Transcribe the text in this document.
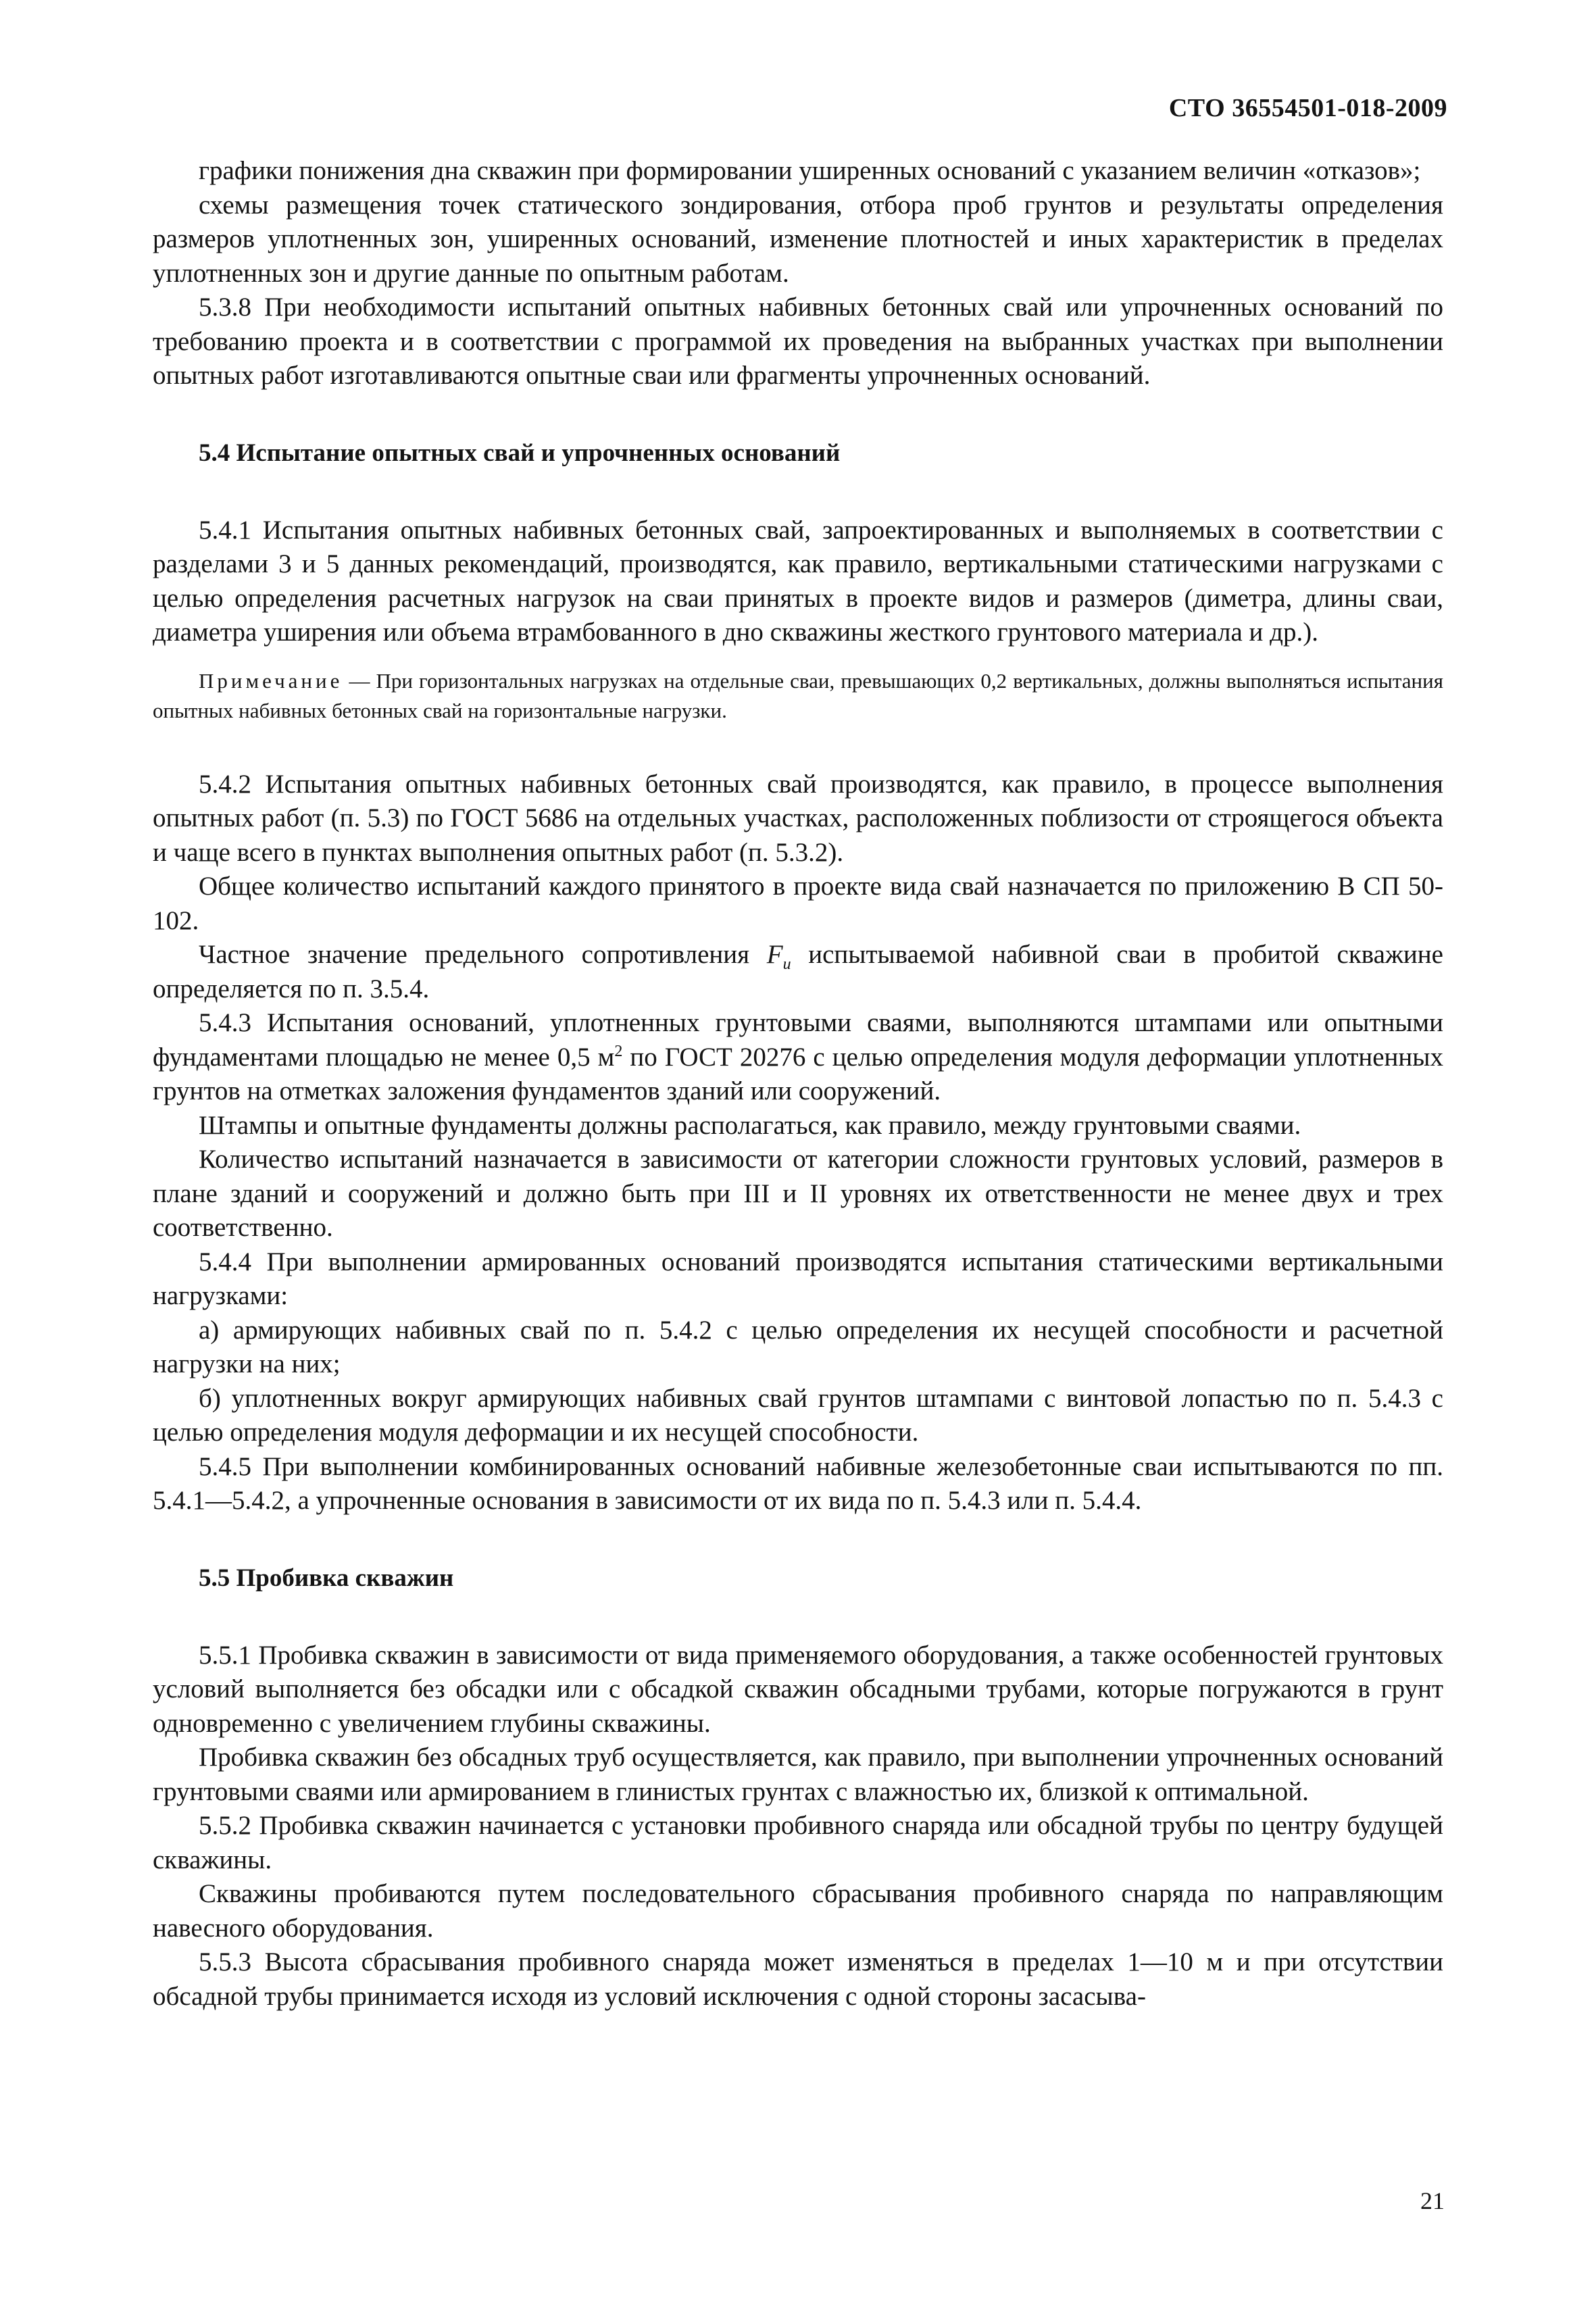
СТО 36554501-018-2009

графики понижения дна скважин при формировании уширенных оснований с указанием величин «отказов»;

схемы размещения точек статического зондирования, отбора проб грунтов и результаты определения размеров уплотненных зон, уширенных оснований, изменение плотностей и иных характеристик в пределах уплотненных зон и другие данные по опытным работам.

5.3.8 При необходимости испытаний опытных набивных бетонных свай или упрочненных оснований по требованию проекта и в соответствии с программой их проведения на выбранных участках при выполнении опытных работ изготавливаются опытные сваи или фрагменты упрочненных оснований.

5.4 Испытание опытных свай и упрочненных оснований

5.4.1 Испытания опытных набивных бетонных свай, запроектированных и выполняемых в соответствии с разделами 3 и 5 данных рекомендаций, производятся, как правило, вертикальными статическими нагрузками с целью определения расчетных нагрузок на сваи принятых в проекте видов и размеров (диметра, длины сваи, диаметра уширения или объема втрамбованного в дно скважины жесткого грунтового материала и др.).

Примечание — При горизонтальных нагрузках на отдельные сваи, превышающих 0,2 вертикальных, должны выполняться испытания опытных набивных бетонных свай на горизонтальные нагрузки.

5.4.2 Испытания опытных набивных бетонных свай производятся, как правило, в процессе выполнения опытных работ (п. 5.3) по ГОСТ 5686 на отдельных участках, расположенных поблизости от строящегося объекта и чаще всего в пунктах выполнения опытных работ (п. 5.3.2).

Общее количество испытаний каждого принятого в проекте вида свай назначается по приложению В СП 50-102.

Частное значение предельного сопротивления $F_u$ испытываемой набивной сваи в пробитой скважине определяется по п. 3.5.4.

5.4.3 Испытания оснований, уплотненных грунтовыми сваями, выполняются штампами или опытными фундаментами площадью не менее 0,5 $м^2$ по ГОСТ 20276 с целью определения модуля деформации уплотненных грунтов на отметках заложения фундаментов зданий или сооружений.

Штампы и опытные фундаменты должны располагаться, как правило, между грунтовыми сваями.

Количество испытаний назначается в зависимости от категории сложности грунтовых условий, размеров в плане зданий и сооружений и должно быть при III и II уровнях их ответственности не менее двух и трех соответственно.

5.4.4 При выполнении армированных оснований производятся испытания статическими вертикальными нагрузками:

а) армирующих набивных свай по п. 5.4.2 с целью определения их несущей способности и расчетной нагрузки на них;

б) уплотненных вокруг армирующих набивных свай грунтов штампами с винтовой лопастью по п. 5.4.3 с целью определения модуля деформации и их несущей способности.

5.4.5 При выполнении комбинированных оснований набивные железобетонные сваи испытываются по пп. 5.4.1—5.4.2, а упрочненные основания в зависимости от их вида по п. 5.4.3 или п. 5.4.4.

5.5 Пробивка скважин

5.5.1 Пробивка скважин в зависимости от вида применяемого оборудования, а также особенностей грунтовых условий выполняется без обсадки или с обсадкой скважин обсадными трубами, которые погружаются в грунт одновременно с увеличением глубины скважины.

Пробивка скважин без обсадных труб осуществляется, как правило, при выполнении упрочненных оснований грунтовыми сваями или армированием в глинистых грунтах с влажностью их, близкой к оптимальной.

5.5.2 Пробивка скважин начинается с установки пробивного снаряда или обсадной трубы по центру будущей скважины.

Скважины пробиваются путем последовательного сбрасывания пробивного снаряда по направляющим навесного оборудования.

5.5.3 Высота сбрасывания пробивного снаряда может изменяться в пределах 1—10 м и при отсутствии обсадной трубы принимается исходя из условий исключения с одной стороны засасыва-

21
